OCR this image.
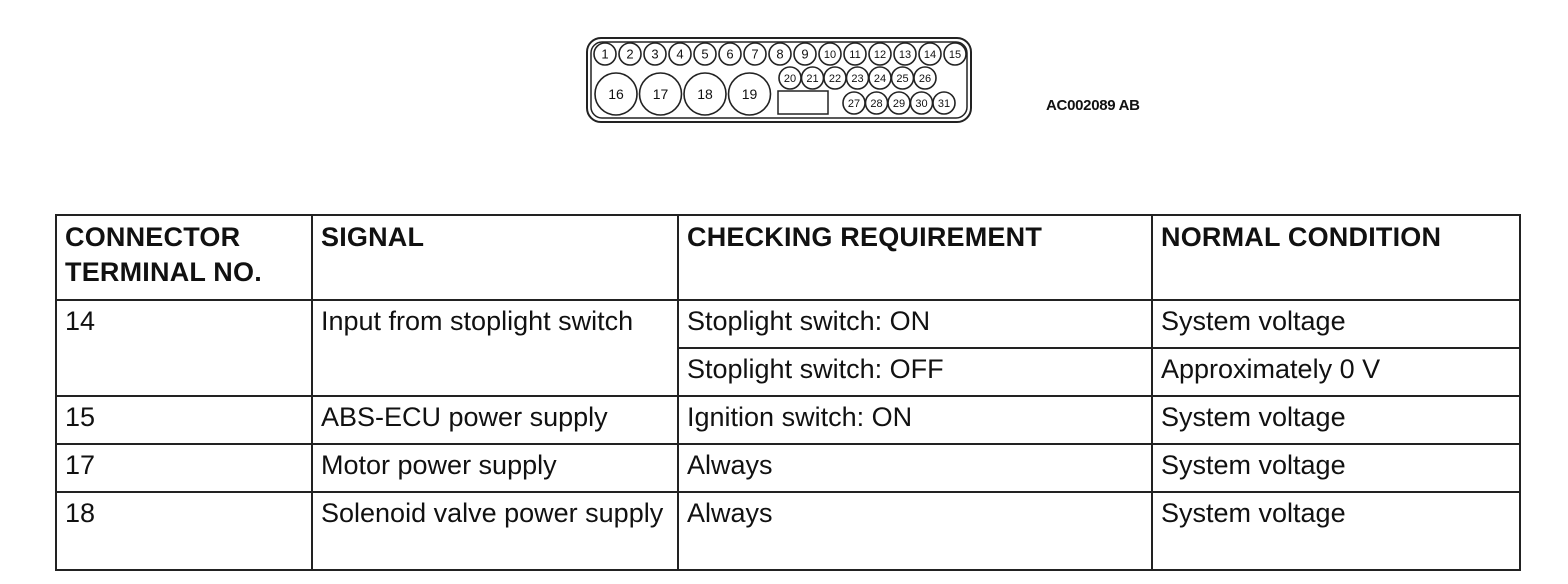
1 2 3 4 5 6 7 8 9 10 11 12 13 14 15
20 21 22 23 24 25 26
27 28 29 30 31
16 17 18 19
AC002089 AB
CONNECTOR TERMINAL NO.	SIGNAL	CHECKING REQUIREMENT	NORMAL CONDITION
14	Input from stoplight switch	Stoplight switch: ON	System voltage
		Stoplight switch: OFF	Approximately 0 V
15	ABS-ECU power supply	Ignition switch: ON	System voltage
17	Motor power supply	Always	System voltage
18	Solenoid valve power supply	Always	System voltage
